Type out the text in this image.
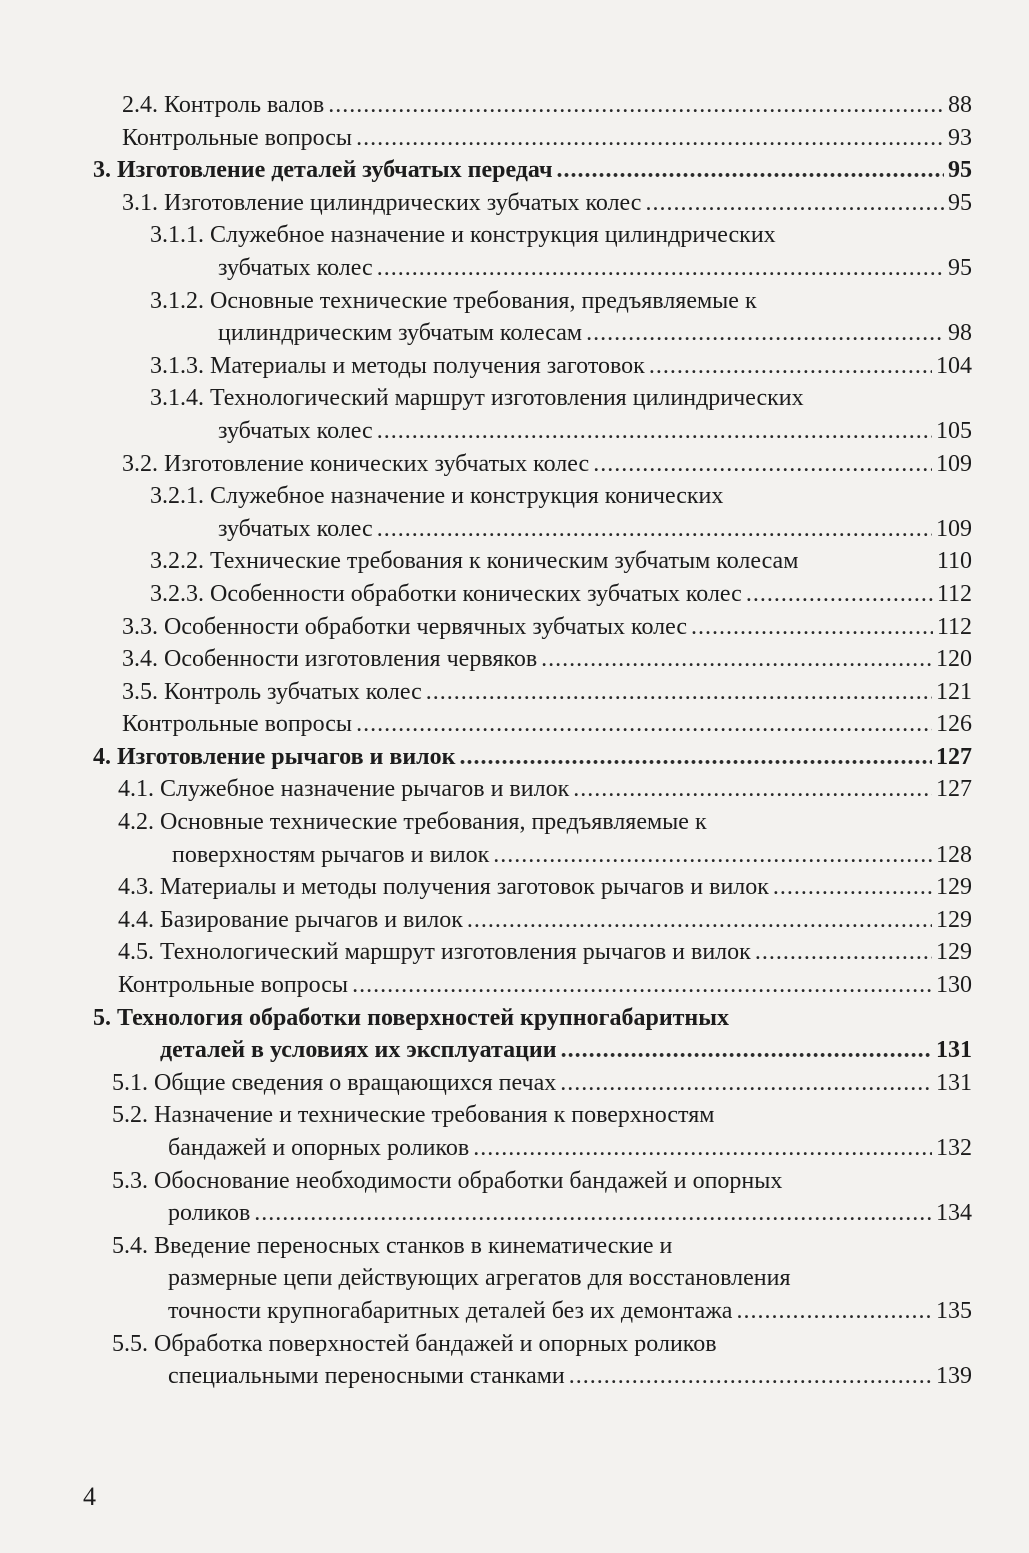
2.4. Контроль валов .....	88
Контрольные вопросы .....	93
3. Изготовление деталей зубчатых передач .....	95
3.1. Изготовление цилиндрических зубчатых колес .....	95
3.1.1. Служебное назначение и конструкция цилиндрических
зубчатых колес .....	95
3.1.2. Основные технические требования, предъявляемые к
цилиндрическим зубчатым колесам .....	98
3.1.3. Материалы и методы получения заготовок .....	104
3.1.4. Технологический маршрут изготовления цилиндрических
зубчатых колес .....	105
3.2. Изготовление конических зубчатых колес .....	109
3.2.1. Служебное назначение и конструкция конических
зубчатых колес .....	109
3.2.2. Технические требования к коническим зубчатым колесам	110
3.2.3. Особенности обработки конических зубчатых колес .....	112
3.3. Особенности обработки червячных зубчатых колес .....	112
3.4. Особенности изготовления червяков .....	120
3.5. Контроль зубчатых колес .....	121
Контрольные вопросы .....	126
4. Изготовление рычагов и вилок .....	127
4.1. Служебное назначение рычагов и вилок .....	127
4.2. Основные технические требования, предъявляемые к
поверхностям рычагов и вилок .....	128
4.3. Материалы и методы получения заготовок рычагов и вилок .....	129
4.4. Базирование рычагов и вилок .....	129
4.5. Технологический маршрут изготовления рычагов и вилок .....	129
Контрольные вопросы .....	130
5. Технология обработки поверхностей крупногабаритных
деталей в условиях их эксплуатации .....	131
5.1. Общие сведения о вращающихся печах .....	131
5.2. Назначение и технические требования к поверхностям
бандажей и опорных роликов .....	132
5.3. Обоснование необходимости обработки бандажей и опорных
роликов .....	134
5.4. Введение переносных станков в кинематические и
размерные цепи действующих агрегатов для восстановления
точности крупногабаритных деталей без их демонтажа .....	135
5.5. Обработка поверхностей бандажей и опорных роликов
специальными переносными станками .....	139
4
